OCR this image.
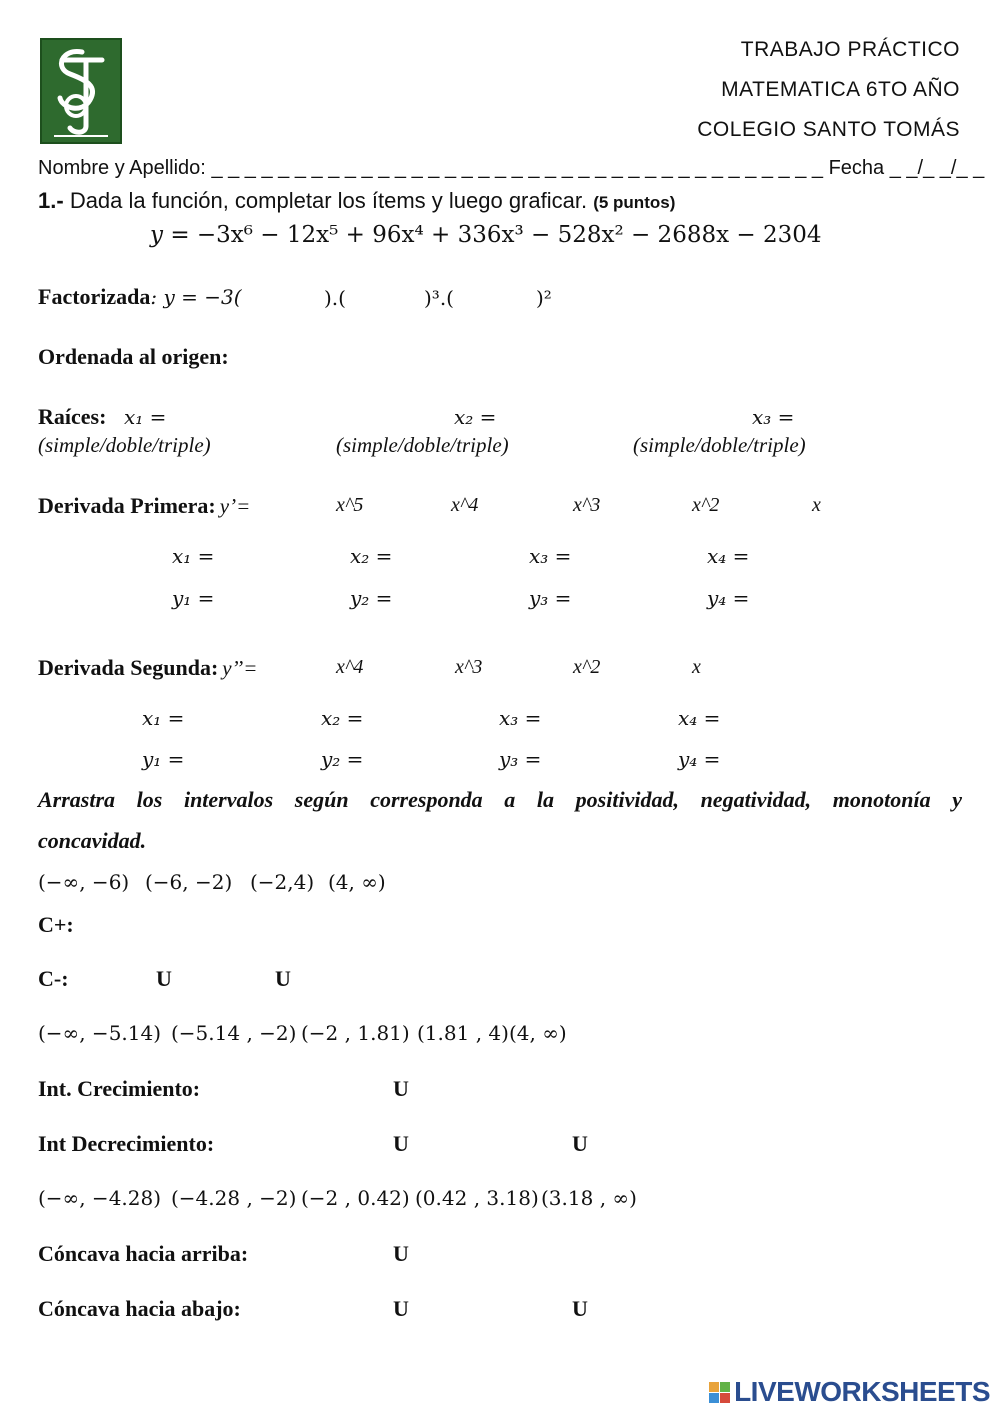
TRABAJO PRÁCTICO
MATEMATICA 6TO AÑO
COLEGIO SANTO TOMÁS
Nombre y Apellido: _ _ _ _ _ _ _ _ _ _ _ _ _ _ _ _ _ _ _ _ _ _ _ _ _ _ _ _ _ _ _ _ _ _ _ _ _ Fecha _ _/_ _/_ _
1.- Dada la función, completar los ítems y luego graficar. (5 puntos)
y = −3x⁶ − 12x⁵ + 96x⁴ + 336x³ − 528x² − 2688x − 2304
Factorizada: y = −3(	).(	)³.(	)²
Ordenada al origen:
Raíces: x₁ =	x₂ =	x₃ =
(simple/doble/triple)	(simple/doble/triple)	(simple/doble/triple)
Derivada Primera: y’=	x^5	x^4	x^3	x^2	x
x₁ =	x₂ =	x₃ =	x₄ =
y₁ =	y₂ =	y₃ =	y₄ =
Derivada Segunda: y’’=	x^4	x^3	x^2	x
x₁ =	x₂ =	x₃ =	x₄ =
y₁ =	y₂ =	y₃ =	y₄ =
Arrastra los intervalos según corresponda a la positividad, negatividad, monotonía y
concavidad.
(−∞, −6) (−6, −2) (−2,4) (4, ∞)
C+:
C-:	U	U
(−∞, −5.14) (−5.14 , −2) (−2 , 1.81) (1.81 , 4) (4, ∞)
Int. Crecimiento:	U
Int Decrecimiento:	U	U
(−∞, −4.28) (−4.28 , −2) (−2 , 0.42) (0.42 , 3.18) (3.18 , ∞)
Cóncava hacia arriba:	U
Cóncava hacia abajo:	U	U
LIVEWORKSHEETS
